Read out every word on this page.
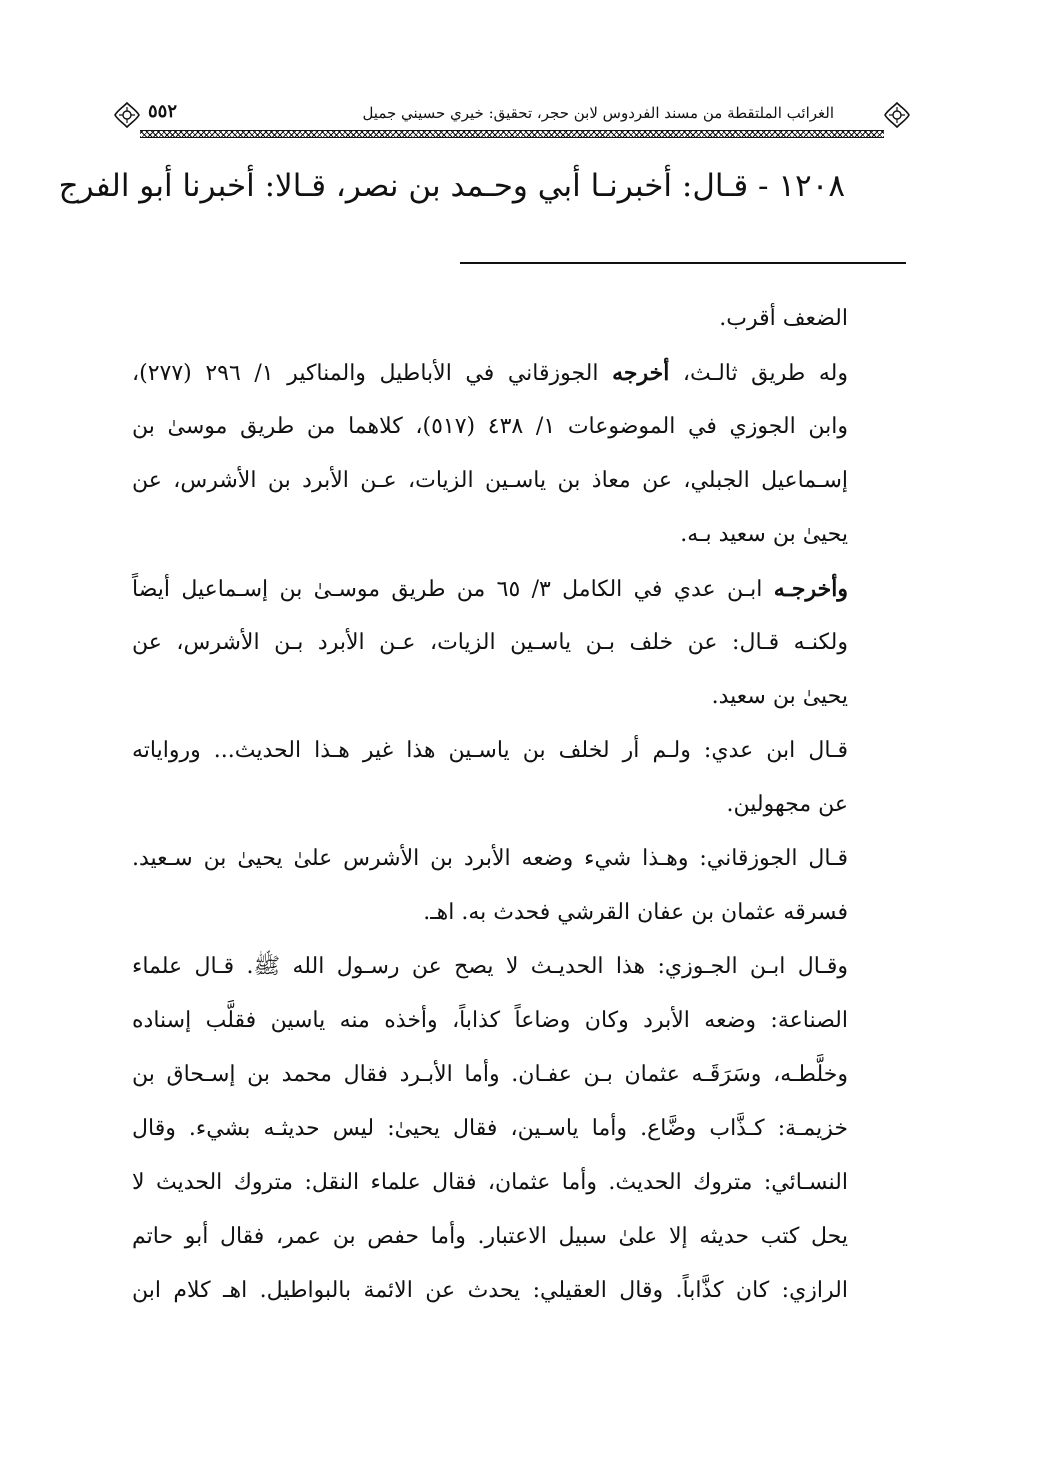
الغرائب الملتقطة من مسند الفردوس لابن حجر، تحقيق: خيري حسيني جميل
٥٥٢
١٢٠٨ - قـال: أخبرنـا أبي وحـمد بن نصر، قـالا: أخبرنا أبو الفرج
الضعف أقرب.
وله طريق ثالـث، أخرجه الجوزقاني في الأباطيل والمناكير ١/ ٢٩٦ (٢٧٧)،
وابن الجوزي في الموضوعات ١/ ٤٣٨ (٥١٧)، كلاهما من طريق موسىٰ بن
إسـماعيل الجبلي، عن معاذ بن ياسـين الزيات، عـن الأبرد بن الأشرس، عن
يحيىٰ بن سعيد بـه.
وأخرجـه ابـن عدي في الكامل ٣/ ٦٥ من طريق موسـىٰ بن إسـماعيل أيضاً
ولكنـه قـال: عن خلف بـن ياسـين الزيات، عـن الأبرد بـن الأشرس، عن
يحيىٰ بن سعيد.
قـال ابن عدي: ولـم أر لخلف بن ياسـين هذا غير هـذا الحديث... ورواياته
عن مجهولين.
قـال الجوزقاني: وهـذا شيء وضعه الأبرد بن الأشرس علىٰ يحيىٰ بن سـعيد.
فسرقه عثمان بن عفان القرشي فحدث به. اهـ.
وقـال ابـن الجـوزي: هذا الحديـث لا يصح عن رسـول الله ﷺ. قـال علماء
الصناعة: وضعه الأبرد وكان وضاعاً كذاباً، وأخذه منه ياسين فقلَّب إسناده
وخلَّطـه، وسَرَقَـه عثمان بـن عفـان. وأما الأبـرد فقال محمد بن إسـحاق بن
خزيمـة: كـذَّاب وضَّاع. وأما ياسـين، فقال يحيىٰ: ليس حديثـه بشيء. وقال
النسـائي: متروك الحديث. وأما عثمان، فقال علماء النقل: متروك الحديث لا
يحل كتب حديثه إلا علىٰ سبيل الاعتبار. وأما حفص بن عمر، فقال أبو حاتم
الرازي: كان كذَّاباً. وقال العقيلي: يحدث عن الائمة بالبواطيل. اهـ كلام ابن
